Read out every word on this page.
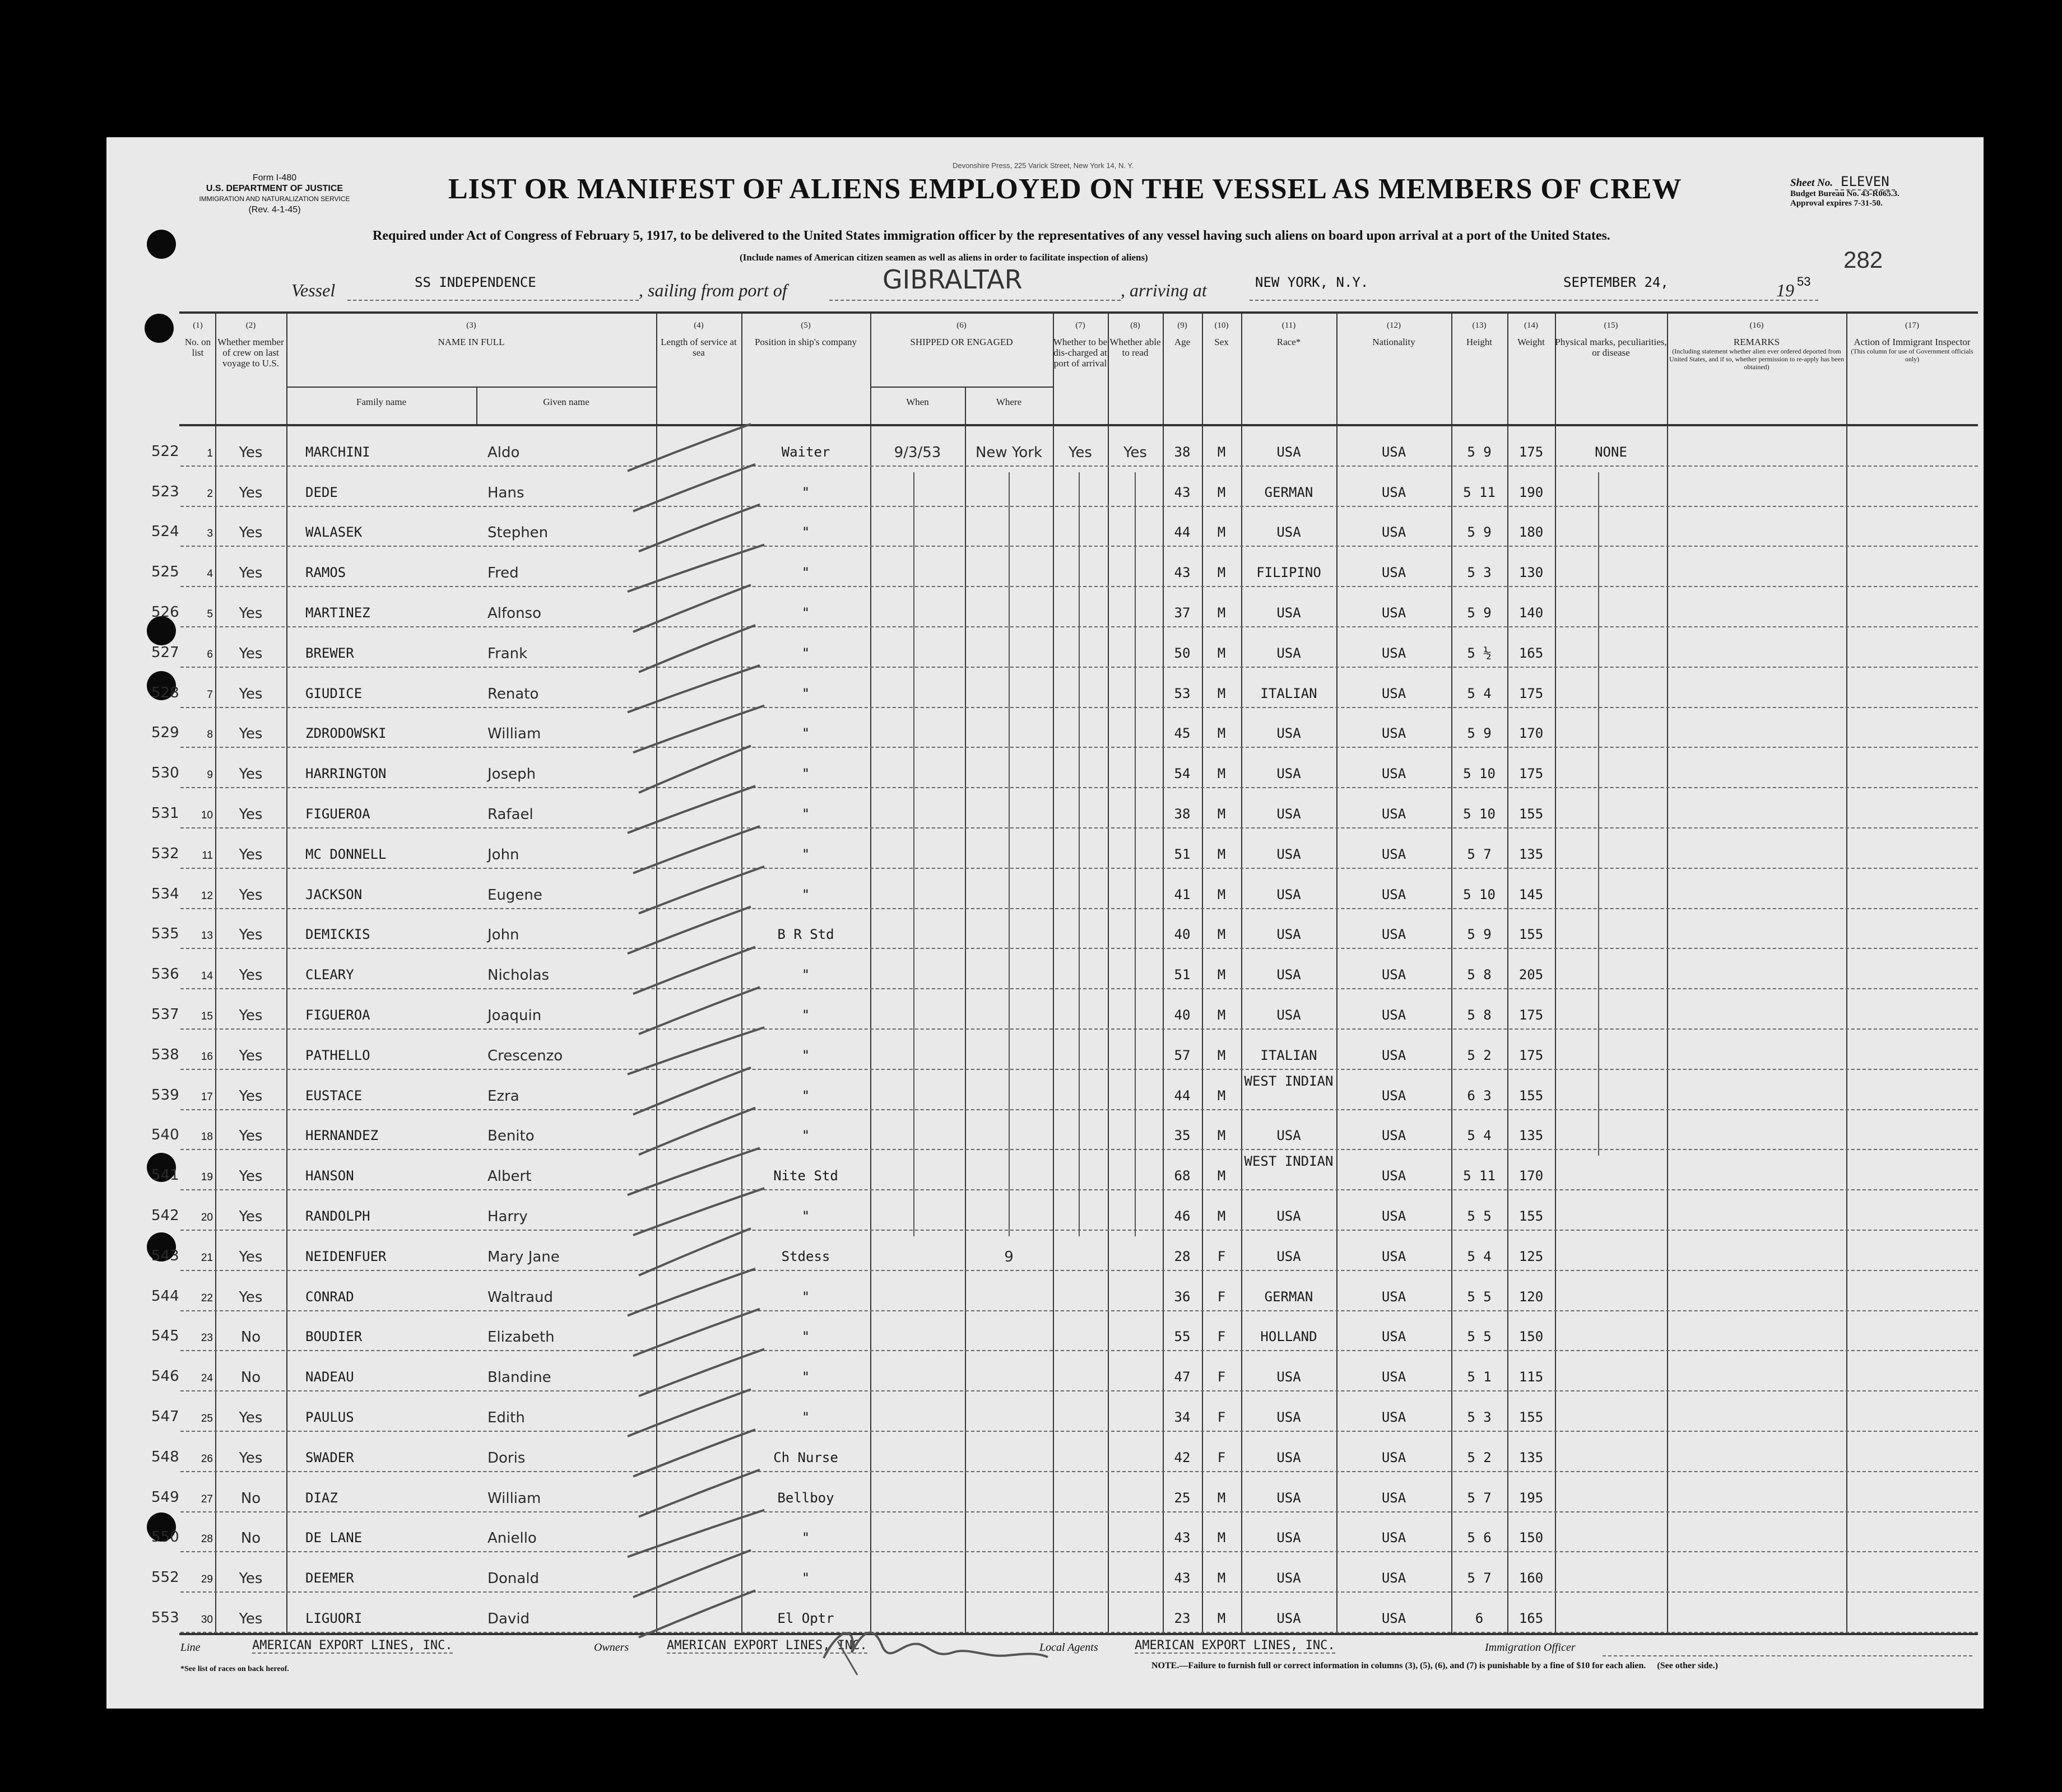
Form I-480
U.S. DEPARTMENT OF JUSTICE
IMMIGRATION AND NATURALIZATION SERVICE
(Rev. 4-1-45)
Devonshire Press, 225 Varick Street, New York 14, N. Y.
LIST OR MANIFEST OF ALIENS EMPLOYED ON THE VESSEL AS MEMBERS OF CREW
Required under Act of Congress of February 5, 1917, to be delivered to the United States immigration officer by the representatives of any vessel having such aliens on board upon arrival at a port of the United States.
(Include names of American citizen seamen as well as aliens in order to facilitate inspection of aliens)
Sheet No. ELEVEN
Budget Bureau No. 43-R065.3.
Approval expires 7-31-50.
282
Vessel	SS INDEPENDENCE	, sailing from port of	GIBRALTAR	, arriving at	NEW YORK, N.Y.	SEPTEMBER 24,	19 53
(1)
No. on list
(2)
Whether member of crew on last voyage to U.S.
(3)
NAME IN FULL
(4)
Length of service at sea
(5)
Position in ship's company
(6)
SHIPPED OR ENGAGED
(7)
Whether to be dis-charged at port of arrival
(8)
Whether able to read
(9)
Age
(10)
Sex
(11)
Race*
(12)
Nationality
(13)
Height
(14)
Weight
(15)
Physical marks, peculiarities, or disease
(16)
REMARKS
(Including statement whether alien ever ordered deported from United States, and if so, whether permission to re-apply has been obtained)
(17)
Action of Immigrant Inspector
(This column for use of Government officials only)
Family name	Given name	When	Where
522	1	Yes	MARCHINI	Aldo	Waiter	9/3/53	New York	Yes	Yes	38	M	USA	USA	5 9	175	NONE
523	2	Yes	DEDE	Hans	"	43	M	GERMAN	USA	5 11	190
524	3	Yes	WALASEK	Stephen	"	44	M	USA	USA	5 9	180
525	4	Yes	RAMOS	Fred	"	43	M	FILIPINO	USA	5 3	130
526	5	Yes	MARTINEZ	Alfonso	"	37	M	USA	USA	5 9	140
527	6	Yes	BREWER	Frank	"	50	M	USA	USA	5 ½	165
528	7	Yes	GIUDICE	Renato	"	53	M	ITALIAN	USA	5 4	175
529	8	Yes	ZDRODOWSKI	William	"	45	M	USA	USA	5 9	170
530	9	Yes	HARRINGTON	Joseph	"	54	M	USA	USA	5 10	175
531	10	Yes	FIGUEROA	Rafael	"	38	M	USA	USA	5 10	155
532	11	Yes	MC DONNELL	John	"	51	M	USA	USA	5 7	135
534	12	Yes	JACKSON	Eugene	"	41	M	USA	USA	5 10	145
535	13	Yes	DEMICKIS	John	B R Std	40	M	USA	USA	5 9	155
536	14	Yes	CLEARY	Nicholas	"	51	M	USA	USA	5 8	205
537	15	Yes	FIGUEROA	Joaquin	"	40	M	USA	USA	5 8	175
538	16	Yes	PATHELLO	Crescenzo	"	57	M	ITALIAN	USA	5 2	175
539	17	Yes	EUSTACE	Ezra	"	44	M
WEST INDIAN
USA	6 3	155
540	18	Yes	HERNANDEZ	Benito	"	35	M	USA	USA	5 4	135
541	19	Yes	HANSON	Albert	Nite Std	68	M
WEST INDIAN
USA	5 11	170
542	20	Yes	RANDOLPH	Harry	"	46	M	USA	USA	5 5	155
543	21	Yes	NEIDENFUER	Mary Jane	Stdess	9	28	F	USA	USA	5 4	125
544	22	Yes	CONRAD	Waltraud	"	36	F	GERMAN	USA	5 5	120
545	23	No	BOUDIER	Elizabeth	"	55	F	HOLLAND	USA	5 5	150
546	24	No	NADEAU	Blandine	"	47	F	USA	USA	5 1	115
547	25	Yes	PAULUS	Edith	"	34	F	USA	USA	5 3	155
548	26	Yes	SWADER	Doris	Ch Nurse	42	F	USA	USA	5 2	135
549	27	No	DIAZ	William	Bellboy	25	M	USA	USA	5 7	195
550	28	No	DE LANE	Aniello	"	43	M	USA	USA	5 6	150
552	29	Yes	DEEMER	Donald	"	43	M	USA	USA	5 7	160
553	30	Yes	LIGUORI	David	El Optr	23	M	USA	USA	6	165
Line	AMERICAN EXPORT LINES, INC.	Owners	AMERICAN EXPORT LINES, INC.	Local Agents	AMERICAN EXPORT LINES, INC.	Immigration Officer
*See list of races on back hereof.	NOTE.—Failure to furnish full or correct information in columns (3), (5), (6), and (7) is punishable by a fine of $10 for each alien. (See other side.)
